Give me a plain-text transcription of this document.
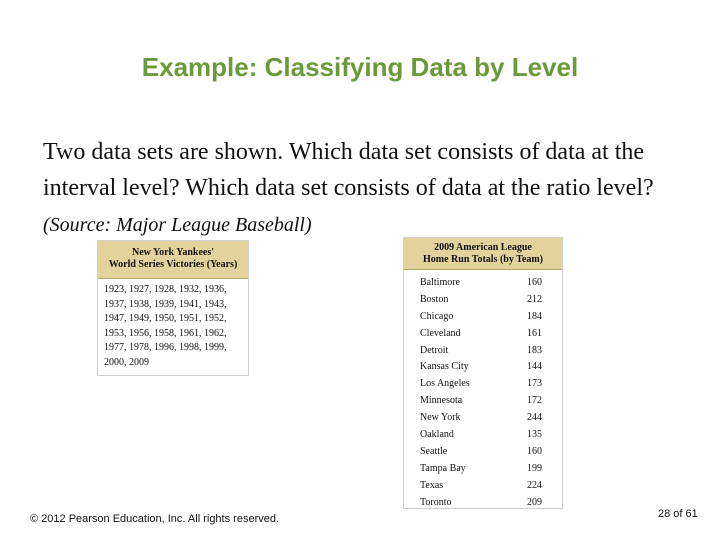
Example: Classifying Data by Level
Two data sets are shown. Which data set consists of data at the interval level? Which data set consists of data at the ratio level? (Source: Major League Baseball)
New York Yankees'
World Series Victories (Years)
1923, 1927, 1928, 1932, 1936,
1937, 1938, 1939, 1941, 1943,
1947, 1949, 1950, 1951, 1952,
1953, 1956, 1958, 1961, 1962,
1977, 1978, 1996, 1998, 1999,
2000, 2009
2009 American League
Home Run Totals (by Team)
Baltimore	160
Boston	212
Chicago	184
Cleveland	161
Detroit	183
Kansas City	144
Los Angeles	173
Minnesota	172
New York	244
Oakland	135
Seattle	160
Tampa Bay	199
Texas	224
Toronto	209
© 2012 Pearson Education, Inc. All rights reserved.	28 of 61
